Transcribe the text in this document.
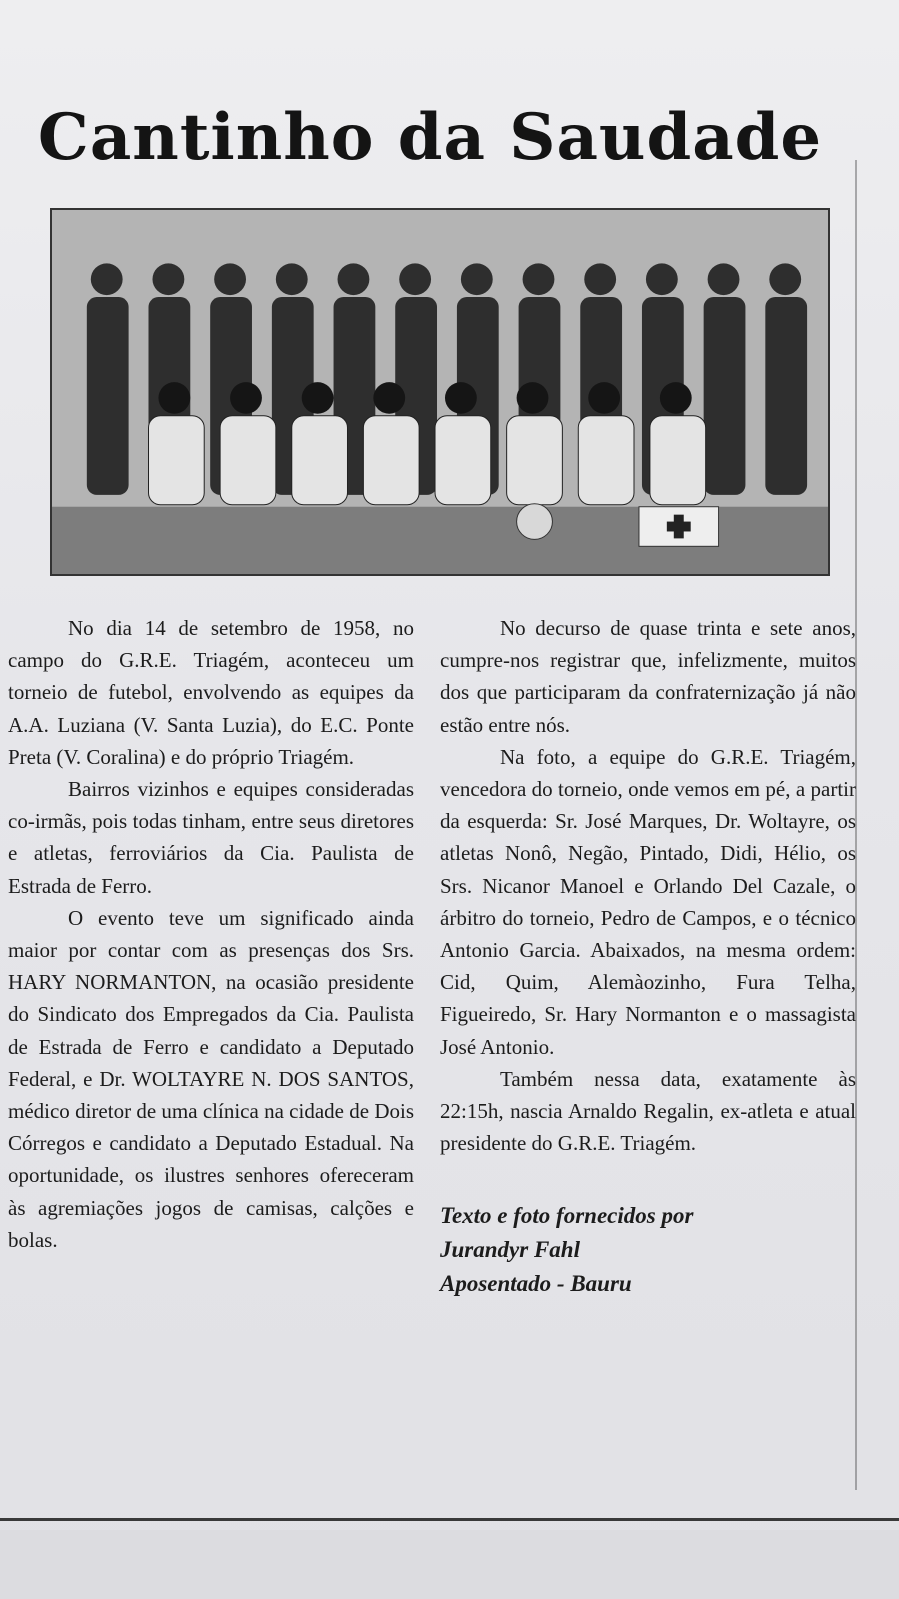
Cantinho da Saudade

No dia 14 de setembro de 1958, no campo do G.R.E. Triagém, aconteceu um torneio de futebol, envolvendo as equipes da A.A. Luziana (V. Santa Luzia), do E.C. Ponte Preta (V. Coralina) e do próprio Triagém.

Bairros vizinhos e equipes consideradas co-irmãs, pois todas tinham, entre seus diretores e atletas, ferroviários da Cia. Paulista de Estrada de Ferro.

O evento teve um significado ainda maior por contar com as presenças dos Srs. HARY NORMANTON, na ocasião presidente do Sindicato dos Empregados da Cia. Paulista de Estrada de Ferro e candidato a Deputado Federal, e Dr. WOLTAYRE N. DOS SANTOS, médico diretor de uma clínica na cidade de Dois Córregos e candidato a Deputado Estadual. Na oportunidade, os ilustres senhores ofereceram às agremiações jogos de camisas, calções e bolas.

No decurso de quase trinta e sete anos, cumpre-nos registrar que, infelizmente, muitos dos que participaram da confraternização já não estão entre nós.

Na foto, a equipe do G.R.E. Triagém, vencedora do torneio, onde vemos em pé, a partir da esquerda: Sr. José Marques, Dr. Woltayre, os atletas Nonô, Negão, Pintado, Didi, Hélio, os Srs. Nicanor Manoel e Orlando Del Cazale, o árbitro do torneio, Pedro de Campos, e o técnico Antonio Garcia. Abaixados, na mesma ordem: Cid, Quim, Alemàozinho, Fura Telha, Figueiredo, Sr. Hary Normanton e o massagista José Antonio.

Também nessa data, exatamente às 22:15h, nascia Arnaldo Regalin, ex-atleta e atual presidente do G.R.E. Triagém.

Texto e foto fornecidos por
Jurandyr Fahl
Aposentado - Bauru
